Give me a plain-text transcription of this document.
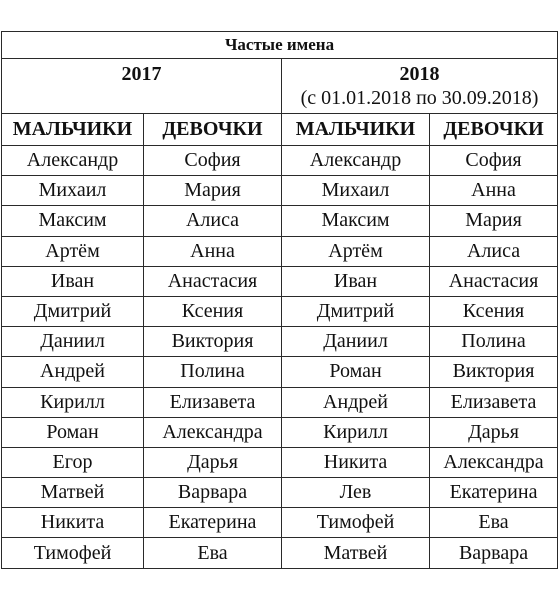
Частые имена			

2017		2018
(с 01.01.2018 по 30.09.2018)	

МАЛЬЧИКИ	ДЕВОЧКИ	МАЛЬЧИКИ	ДЕВОЧКИ
Александр	София	Александр	София
Михаил	Мария	Михаил	Анна
Максим	Алиса	Максим	Мария
Артём	Анна	Артём	Алиса
Иван	Анастасия	Иван	Анастасия
Дмитрий	Ксения	Дмитрий	Ксения
Даниил	Виктория	Даниил	Полина
Андрей	Полина	Роман	Виктория
Кирилл	Елизавета	Андрей	Елизавета
Роман	Александра	Кирилл	Дарья
Егор	Дарья	Никита	Александра
Матвей	Варвара	Лев	Екатерина
Никита	Екатерина	Тимофей	Ева
Тимофей	Ева	Матвей	Варвара
